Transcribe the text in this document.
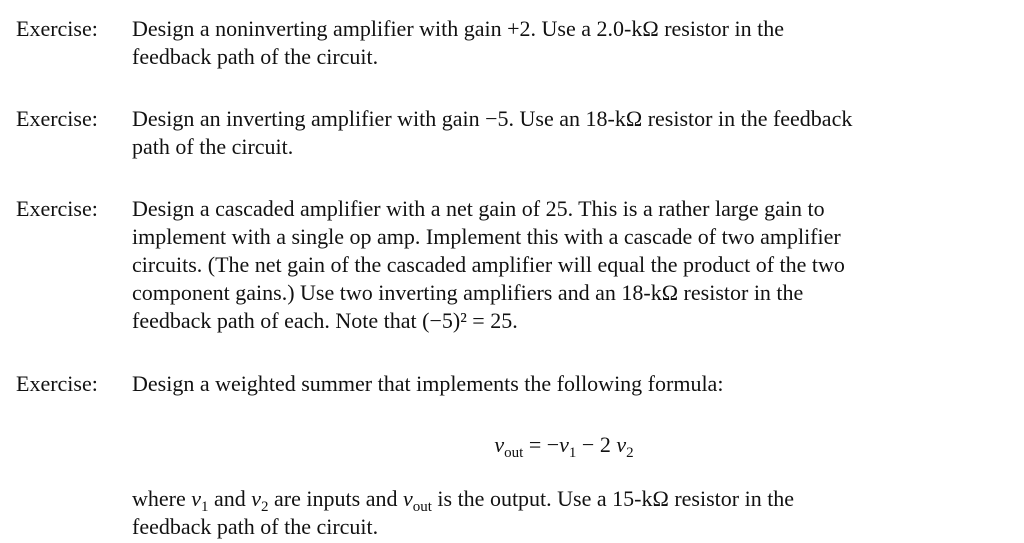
Exercise:	Design a noninverting amplifier with gain +2. Use a 2.0-kΩ resistor in the
feedback path of the circuit.
Exercise:	Design an inverting amplifier with gain −5. Use an 18-kΩ resistor in the feedback
path of the circuit.
Exercise:	Design a cascaded amplifier with a net gain of 25. This is a rather large gain to
implement with a single op amp. Implement this with a cascade of two amplifier
circuits. (The net gain of the cascaded amplifier will equal the product of the two
component gains.) Use two inverting amplifiers and an 18-kΩ resistor in the
feedback path of each. Note that (−5)² = 25.
Exercise:	Design a weighted summer that implements the following formula:
$v_{out} = -v_1 - 2$ $v_2$
where $v_1$ and $v_2$ are inputs and $v_{out}$ is the output. Use a 15-kΩ resistor in the
feedback path of the circuit.
